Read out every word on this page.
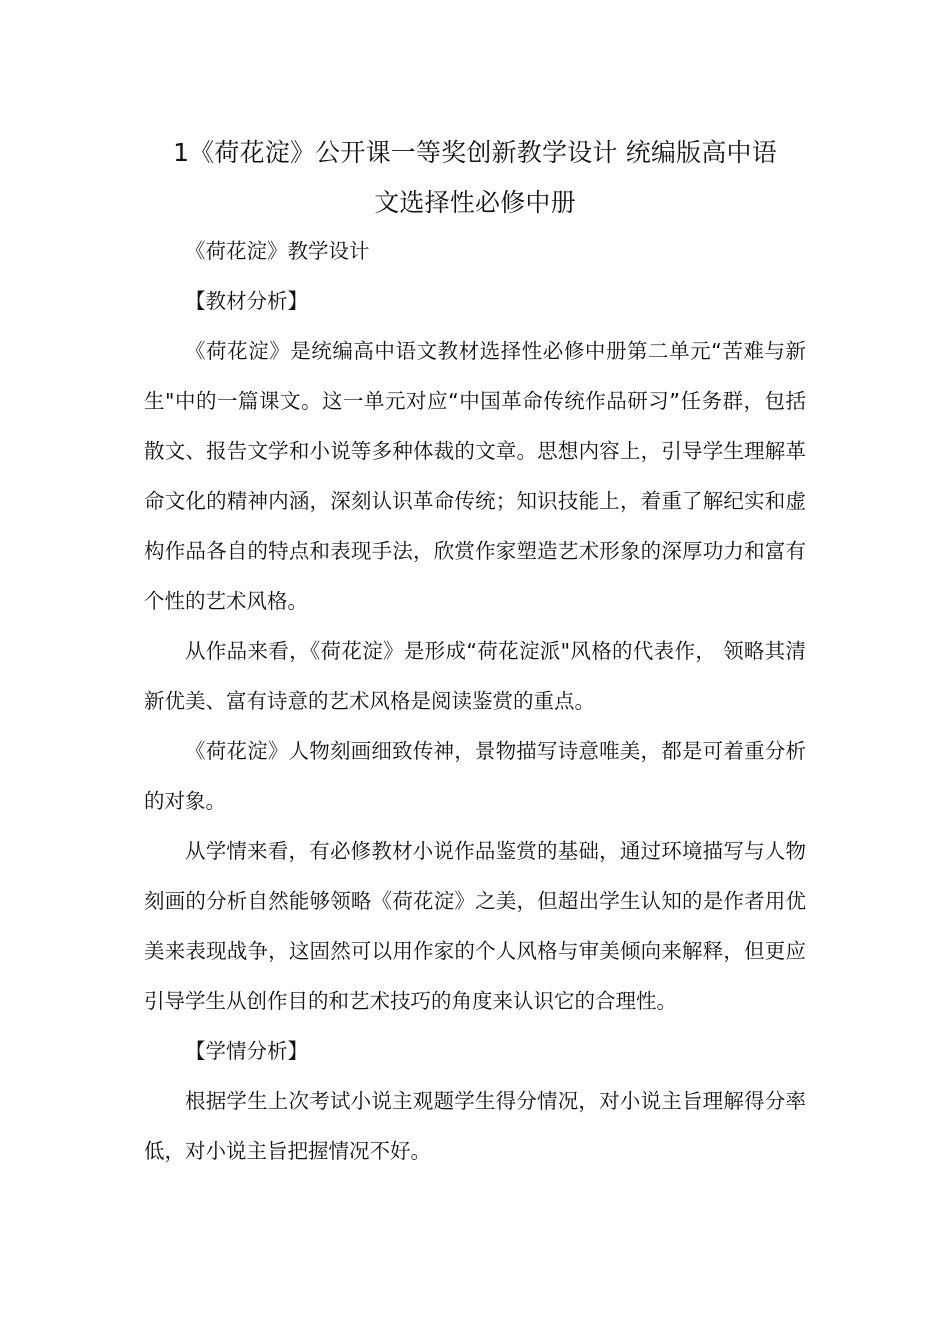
1《荷花淀》公开课一等奖创新教学设计 统编版高中语
文选择性必修中册

《荷花淀》教学设计

【教材分析】

《荷花淀》是统编高中语文教材选择性必修中册第二单元“苦难与新生"中的一篇课文。这一单元对应“中国革命传统作品研习”任务群，包括散文、报告文学和小说等多种体裁的文章。思想内容上，引导学生理解革命文化的精神内涵，深刻认识革命传统；知识技能上，着重了解纪实和虚构作品各自的特点和表现手法，欣赏作家塑造艺术形象的深厚功力和富有个性的艺术风格。

从作品来看，《荷花淀》是形成“荷花淀派"风格的代表作， 领略其清新优美、富有诗意的艺术风格是阅读鉴赏的重点。

《荷花淀》人物刻画细致传神，景物描写诗意唯美，都是可着重分析的对象。

从学情来看，有必修教材小说作品鉴赏的基础，通过环境描写与人物刻画的分析自然能够领略《荷花淀》之美，但超出学生认知的是作者用优美来表现战争，这固然可以用作家的个人风格与审美倾向来解释，但更应引导学生从创作目的和艺术技巧的角度来认识它的合理性。

【学情分析】

根据学生上次考试小说主观题学生得分情况，对小说主旨理解得分率低，对小说主旨把握情况不好。
